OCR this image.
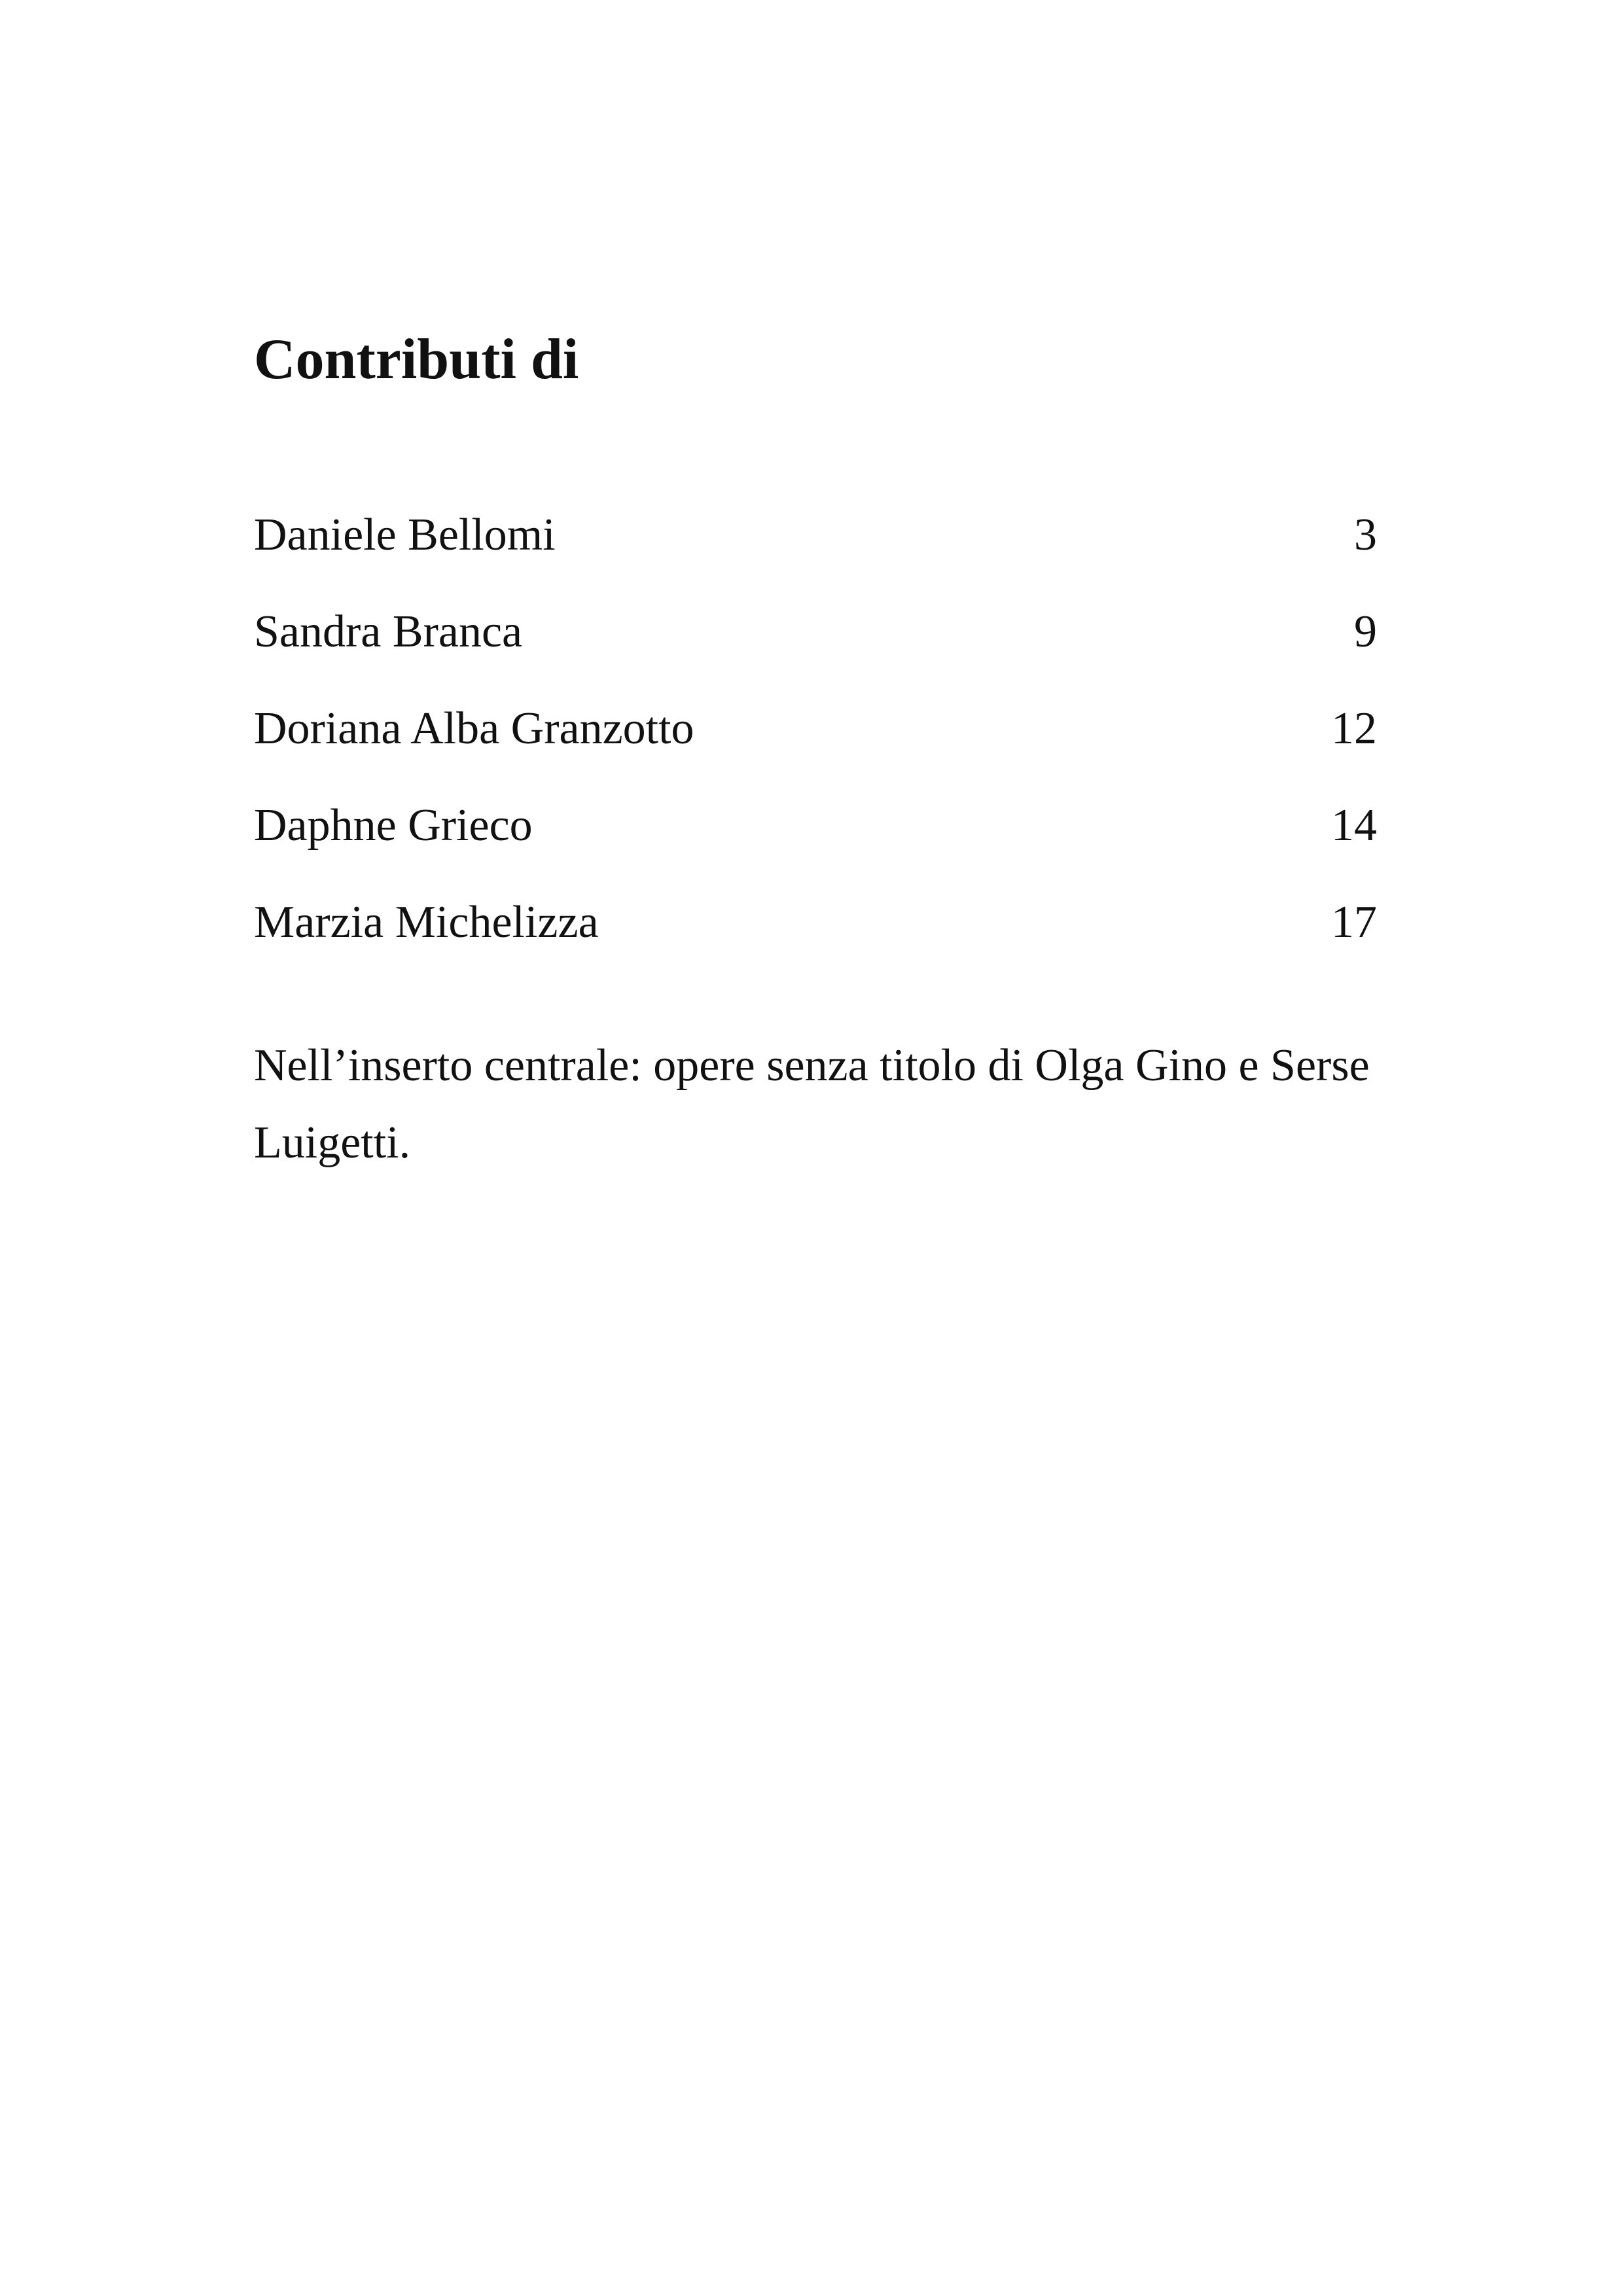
Contributi di
Daniele Bellomi	3
Sandra Branca	9
Doriana Alba Granzotto	12
Daphne Grieco	14
Marzia Michelizza	17

Nell’inserto centrale: opere senza titolo di Olga Gino e Serse Luigetti.
